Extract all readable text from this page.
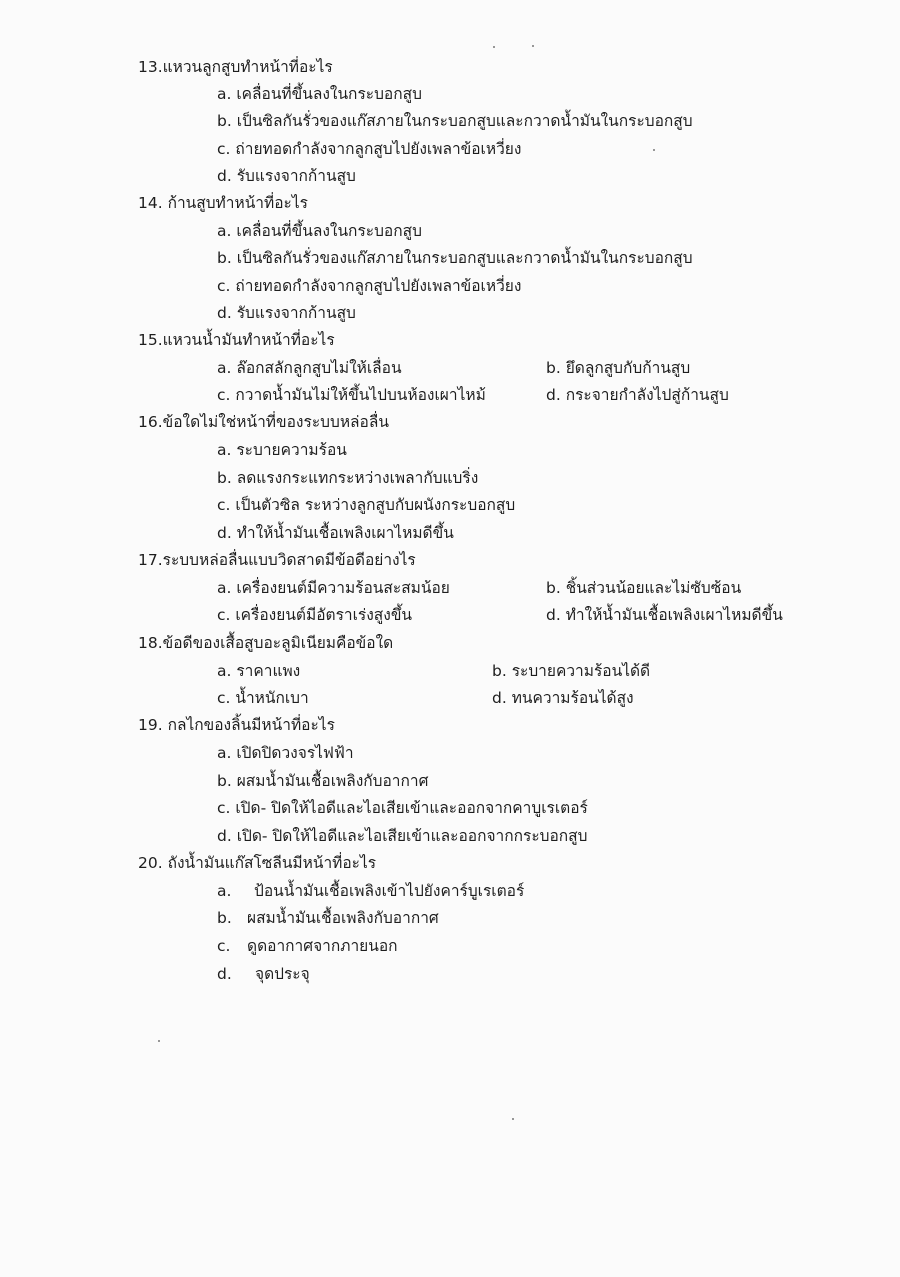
13.แหวนลูกสูบทำหน้าที่อะไร
a. เคลื่อนที่ขึ้นลงในกระบอกสูบ
b. เป็นซิลกันรั่วของแก๊สภายในกระบอกสูบและกวาดน้ำมันในกระบอกสูบ
c. ถ่ายทอดกำลังจากลูกสูบไปยังเพลาข้อเหวี่ยง
d. รับแรงจากก้านสูบ
14. ก้านสูบทำหน้าที่อะไร
a. เคลื่อนที่ขึ้นลงในกระบอกสูบ
b. เป็นซิลกันรั่วของแก๊สภายในกระบอกสูบและกวาดน้ำมันในกระบอกสูบ
c. ถ่ายทอดกำลังจากลูกสูบไปยังเพลาข้อเหวี่ยง
d. รับแรงจากก้านสูบ
15.แหวนน้ำมันทำหน้าที่อะไร
a. ล๊อกสลักลูกสูบไม่ให้เลื่อน	b. ยึดลูกสูบกับก้านสูบ
c. กวาดน้ำมันไม่ให้ขึ้นไปบนห้องเผาไหม้	d. กระจายกำลังไปสู่ก้านสูบ
16.ข้อใดไม่ใช่หน้าที่ของระบบหล่อลื่น
a. ระบายความร้อน
b. ลดแรงกระแทกระหว่างเพลากับแบริ่ง
c. เป็นตัวซิล ระหว่างลูกสูบกับผนังกระบอกสูบ
d. ทำให้น้ำมันเชื้อเพลิงเผาไหมดีขึ้น
17.ระบบหล่อลื่นแบบวิดสาดมีข้อดีอย่างไร
a. เครื่องยนต์มีความร้อนสะสมน้อย	b. ชิ้นส่วนน้อยและไม่ซับซ้อน
c. เครื่องยนต์มีอัตราเร่งสูงขึ้น	d. ทำให้น้ำมันเชื้อเพลิงเผาไหมดีขึ้น
18.ข้อดีของเสื้อสูบอะลูมิเนียมคือข้อใด
a. ราคาแพง	b. ระบายความร้อนได้ดี
c. น้ำหนักเบา	d. ทนความร้อนได้สูง
19. กลไกของลิ้นมีหน้าที่อะไร
a. เปิดปิดวงจรไฟฟ้า
b. ผสมน้ำมันเชื้อเพลิงกับอากาศ
c. เปิด- ปิดให้ไอดีและไอเสียเข้าและออกจากคาบูเรเตอร์
d. เปิด- ปิดให้ไอดีและไอเสียเข้าและออกจากกระบอกสูบ
20. ถังน้ำมันแก๊สโซลีนมีหน้าที่อะไร
a. ป้อนน้ำมันเชื้อเพลิงเข้าไปยังคาร์บูเรเตอร์
b. ผสมน้ำมันเชื้อเพลิงกับอากาศ
c. ดูดอากาศจากภายนอก
d. จุดประจุ
